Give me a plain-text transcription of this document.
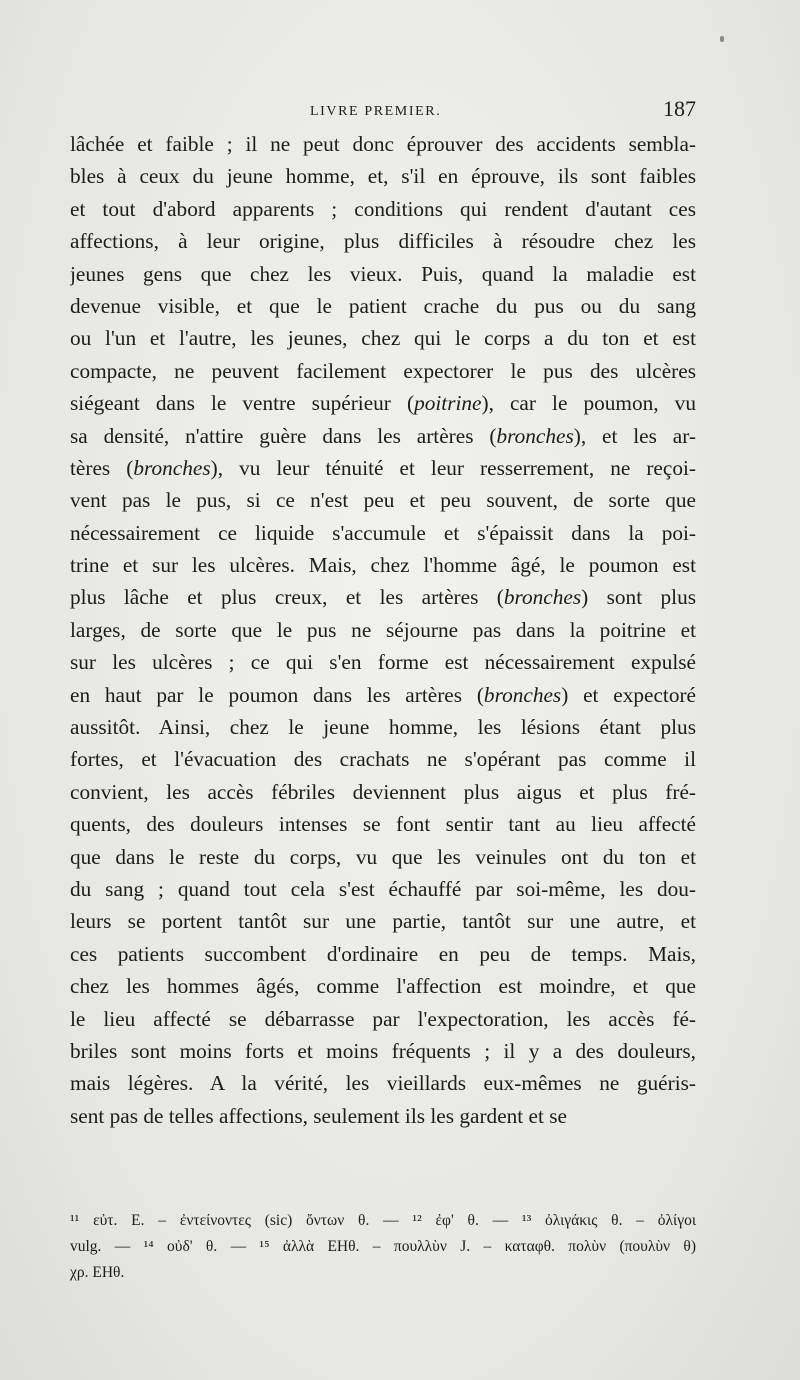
LIVRE PREMIER.	187
lâchée et faible ; il ne peut donc éprouver des accidents sembla-
bles à ceux du jeune homme, et, s'il en éprouve, ils sont faibles
et tout d'abord apparents ; conditions qui rendent d'autant ces
affections, à leur origine, plus difficiles à résoudre chez les
jeunes gens que chez les vieux. Puis, quand la maladie est
devenue visible, et que le patient crache du pus ou du sang
ou l'un et l'autre, les jeunes, chez qui le corps a du ton et est
compacte, ne peuvent facilement expectorer le pus des ulcères
siégeant dans le ventre supérieur (poitrine), car le poumon, vu
sa densité, n'attire guère dans les artères (bronches), et les ar-
tères (bronches), vu leur ténuité et leur resserrement, ne reçoi-
vent pas le pus, si ce n'est peu et peu souvent, de sorte que
nécessairement ce liquide s'accumule et s'épaissit dans la poi-
trine et sur les ulcères. Mais, chez l'homme âgé, le poumon est
plus lâche et plus creux, et les artères (bronches) sont plus
larges, de sorte que le pus ne séjourne pas dans la poitrine et
sur les ulcères ; ce qui s'en forme est nécessairement expulsé
en haut par le poumon dans les artères (bronches) et expectoré
aussitôt. Ainsi, chez le jeune homme, les lésions étant plus
fortes, et l'évacuation des crachats ne s'opérant pas comme il
convient, les accès fébriles deviennent plus aigus et plus fré-
quents, des douleurs intenses se font sentir tant au lieu affecté
que dans le reste du corps, vu que les veinules ont du ton et
du sang ; quand tout cela s'est échauffé par soi-même, les dou-
leurs se portent tantôt sur une partie, tantôt sur une autre, et
ces patients succombent d'ordinaire en peu de temps. Mais,
chez les hommes âgés, comme l'affection est moindre, et que
le lieu affecté se débarrasse par l'expectoration, les accès fé-
briles sont moins forts et moins fréquents ; il y a des douleurs,
mais légères. A la vérité, les vieillards eux-mêmes ne guéris-
sent pas de telles affections, seulement ils les gardent et se
¹¹ εὐτ. E. – ἐντείνοντες (sic) ὄντων θ. — ¹² ἐφ' θ. — ¹³ ὀλιγάκις θ. – ὀλίγοι
vulg. — ¹⁴ οὐδ' θ. — ¹⁵ ἀλλὰ EHθ. – πουλλὺν J. – καταφθ. πολὺν (πουλὺν θ)
χρ. EHθ.
